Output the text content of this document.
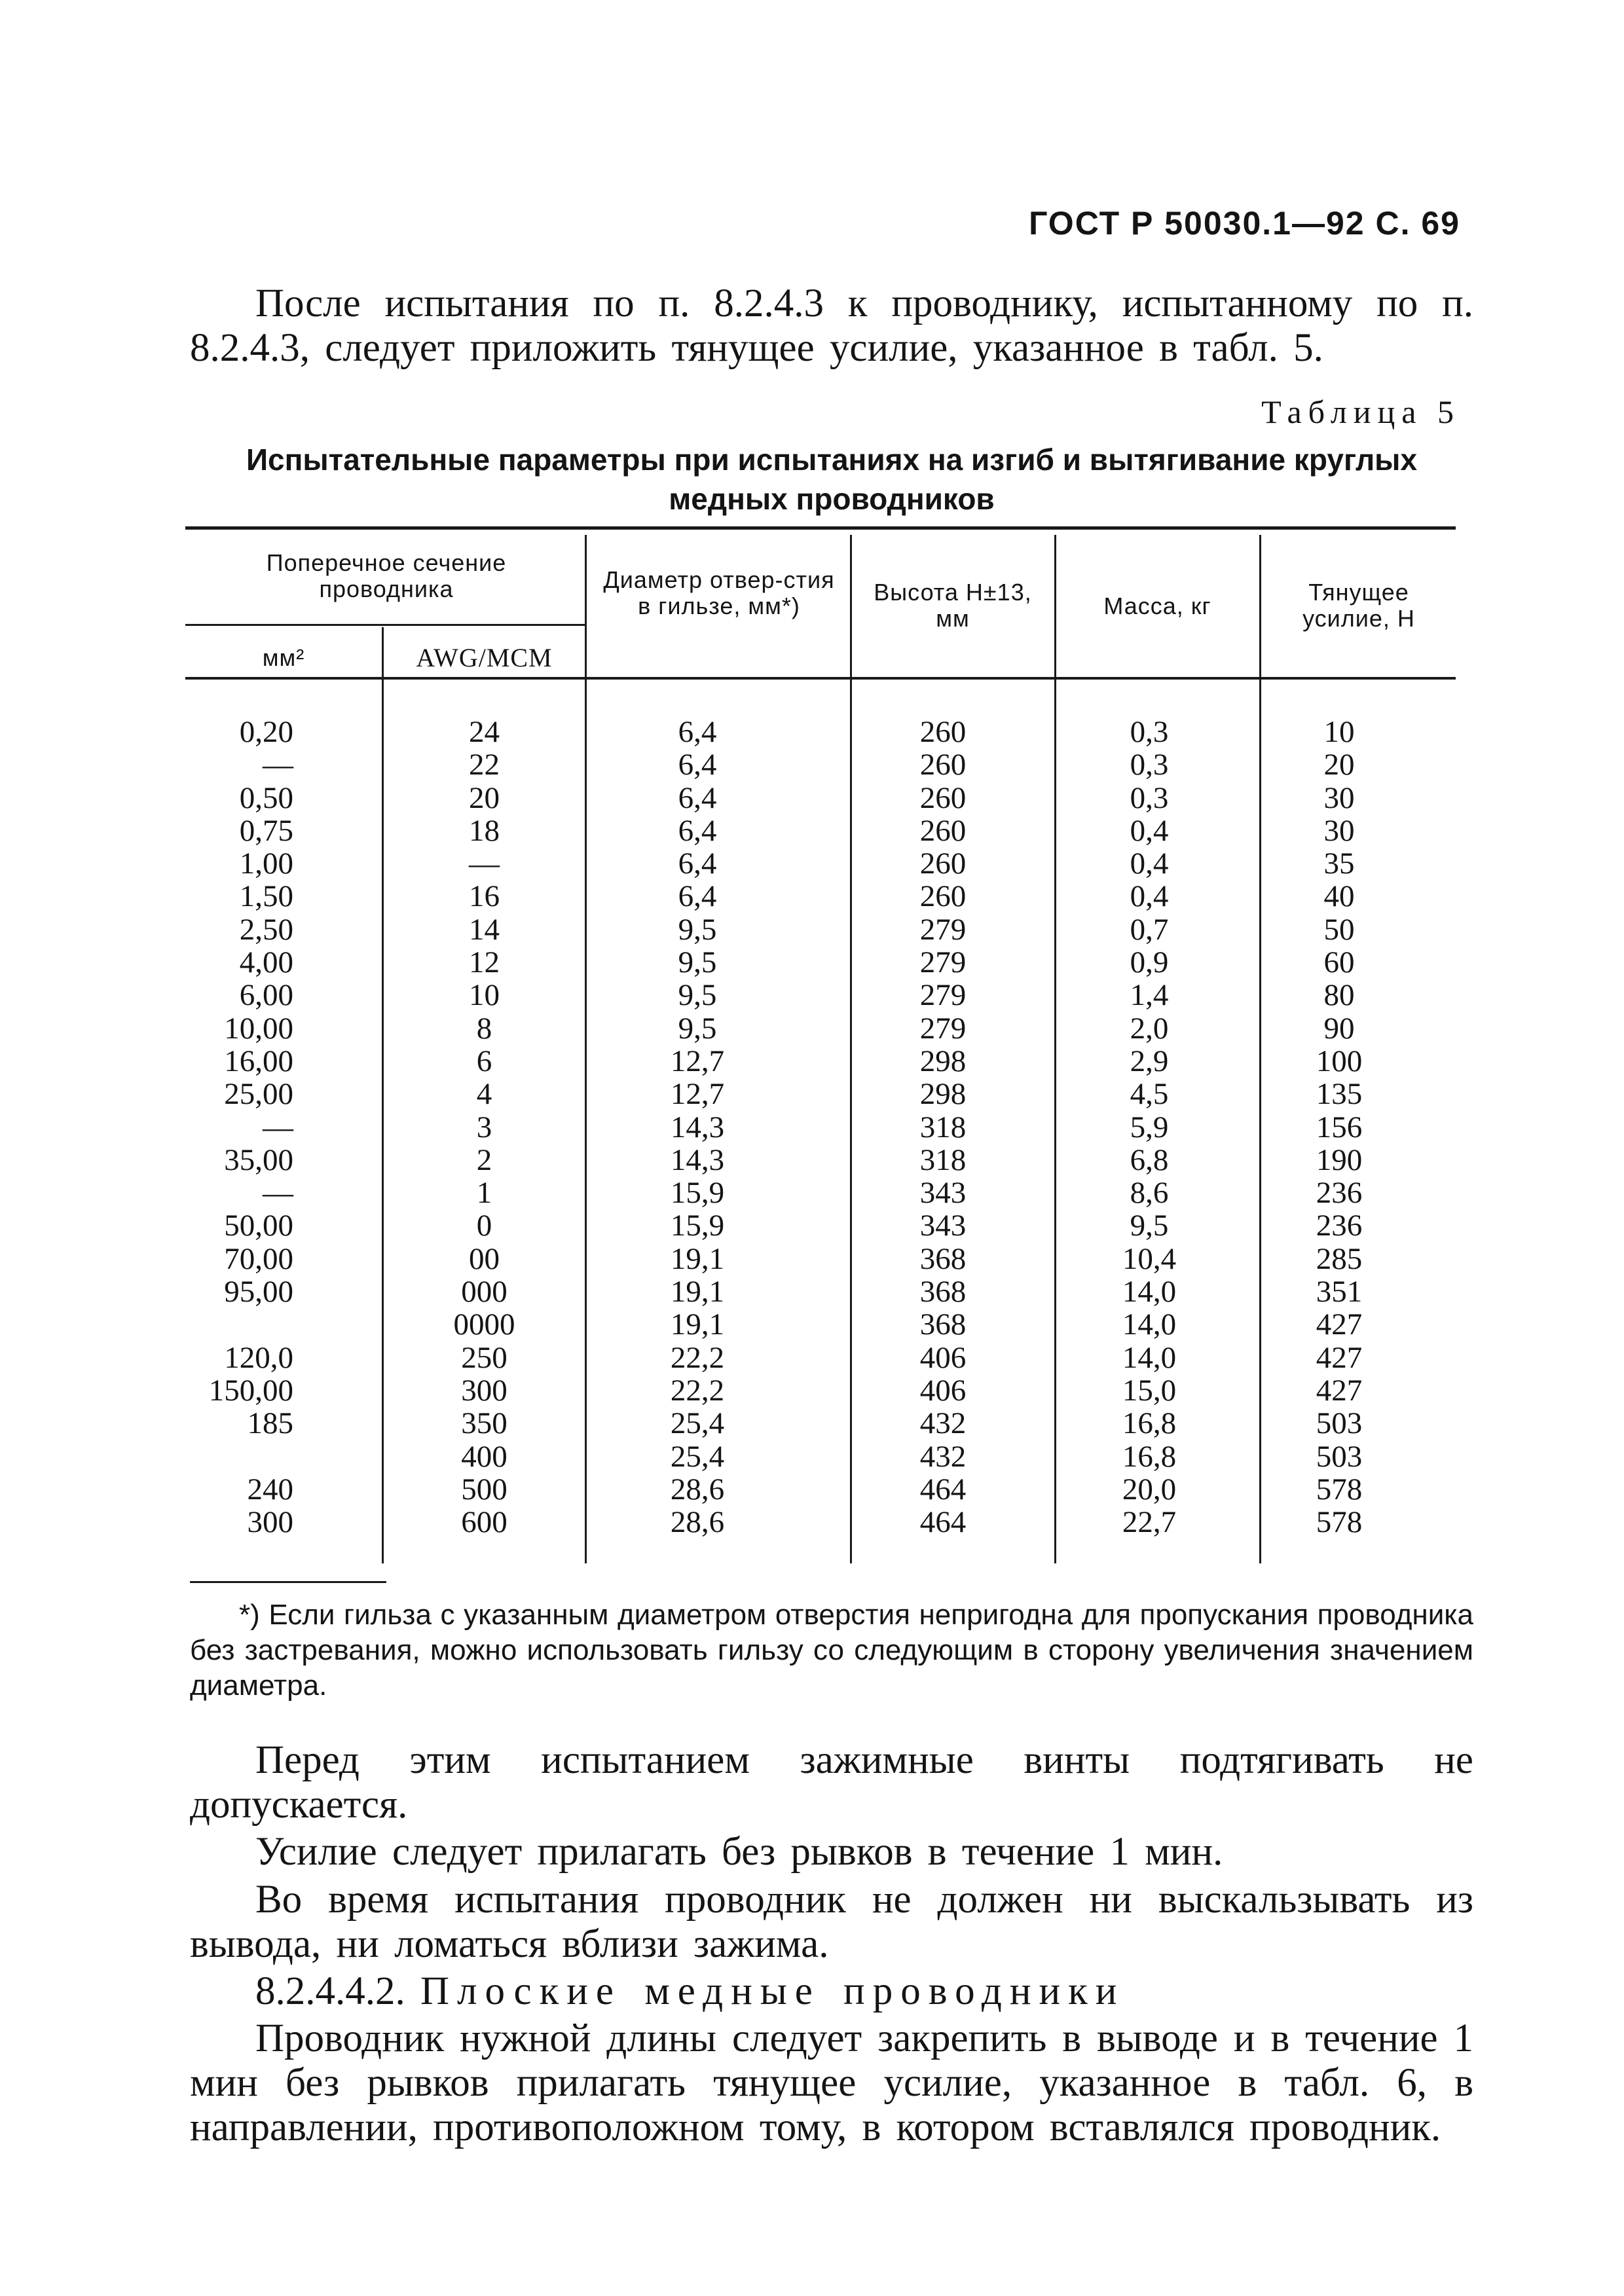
ГОСТ Р 50030.1—92 С. 69
После испытания по п. 8.2.4.3 к проводнику, испытанному по п. 8.2.4.3, следует приложить тянущее усилие, указанное в табл. 5.
Таблица 5
Испытательные параметры при испытаниях на изгиб и вытягивание круглых медных проводников
Поперечное сечение проводника
мм²	AWG/MCM
Диаметр отвер-стия в гильзе, мм*)
Высота H±13, мм	Масса, кг
Тянущее усилие, Н
0,20
—
0,50
0,75
1,00
1,50
2,50
4,00
6,00
10,00
16,00
25,00
—
35,00
—
50,00
70,00
95,00
120,0
150,00
185
240
300
24
22
20
18
—
16
14
12
10
8
6
4
3
2
1
0
00
000
0000
250
300
350
400
500
600
6,4
6,4
6,4
6,4
6,4
6,4
9,5
9,5
9,5
9,5
12,7
12,7
14,3
14,3
15,9
15,9
19,1
19,1
19,1
22,2
22,2
25,4
25,4
28,6
28,6
260
260
260
260
260
260
279
279
279
279
298
298
318
318
343
343
368
368
368
406
406
432
432
464
464
0,3
0,3
0,3
0,4
0,4
0,4
0,7
0,9
1,4
2,0
2,9
4,5
5,9
6,8
8,6
9,5
10,4
14,0
14,0
14,0
15,0
16,8
16,8
20,0
22,7
10
20
30
30
35
40
50
60
80
90
100
135
156
190
236
236
285
351
427
427
427
503
503
578
578
*) Если гильза с указанным диаметром отверстия непригодна для пропускания проводника без застревания, можно использовать гильзу со следующим в сторону увеличения значением диаметра.
Перед этим испытанием зажимные винты подтягивать не допускается.
Усилие следует прилагать без рывков в течение 1 мин.
Во время испытания проводник не должен ни выскальзывать из вывода, ни ломаться вблизи зажима.
8.2.4.4.2. Плоские медные проводники
Проводник нужной длины следует закрепить в выводе и в течение 1 мин без рывков прилагать тянущее усилие, указанное в табл. 6, в направлении, противоположном тому, в котором вставлялся проводник.
